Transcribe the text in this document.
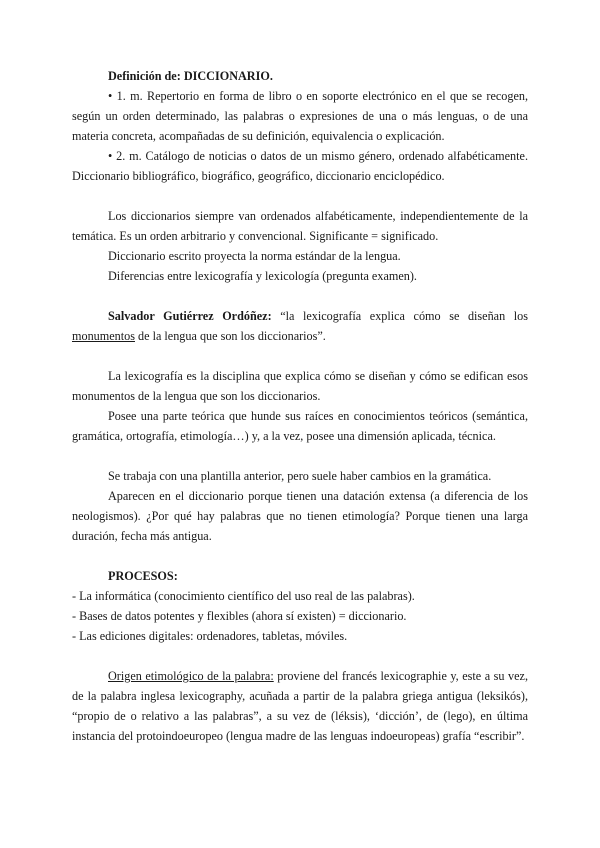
Definición de: DICCIONARIO.

• 1. m. Repertorio en forma de libro o en soporte electrónico en el que se recogen, según un orden determinado, las palabras o expresiones de una o más lenguas, o de una materia concreta, acompañadas de su definición, equivalencia o explicación.

• 2. m. Catálogo de noticias o datos de un mismo género, ordenado alfabéticamente. Diccionario bibliográfico, biográfico, geográfico, diccionario enciclopédico.

Los diccionarios siempre van ordenados alfabéticamente, independientemente de la temática. Es un orden arbitrario y convencional. Significante = significado.

Diccionario escrito proyecta la norma estándar de la lengua.

Diferencias entre lexicografía y lexicología (pregunta examen).

Salvador Gutiérrez Ordóñez: “la lexicografía explica cómo se diseñan los monumentos de la lengua que son los diccionarios”.

La lexicografía es la disciplina que explica cómo se diseñan y cómo se edifican esos monumentos de la lengua que son los diccionarios.

Posee una parte teórica que hunde sus raíces en conocimientos teóricos (semántica, gramática, ortografía, etimología…) y, a la vez, posee una dimensión aplicada, técnica.

Se trabaja con una plantilla anterior, pero suele haber cambios en la gramática.

Aparecen en el diccionario porque tienen una datación extensa (a diferencia de los neologismos). ¿Por qué hay palabras que no tienen etimología? Porque tienen una larga duración, fecha más antigua.

PROCESOS:

- La informática (conocimiento científico del uso real de las palabras).

- Bases de datos potentes y flexibles (ahora sí existen) = diccionario.

- Las ediciones digitales: ordenadores, tabletas, móviles.

Origen etimológico de la palabra: proviene del francés lexicographie y, este a su vez, de la palabra inglesa lexicography, acuñada a partir de la palabra griega antigua (leksikós), “propio de o relativo a las palabras”, a su vez de (léksis), ‘dicción’, de (lego), en última instancia del protoindoeuropeo (lengua madre de las lenguas indoeuropeas) grafía “escribir”.
